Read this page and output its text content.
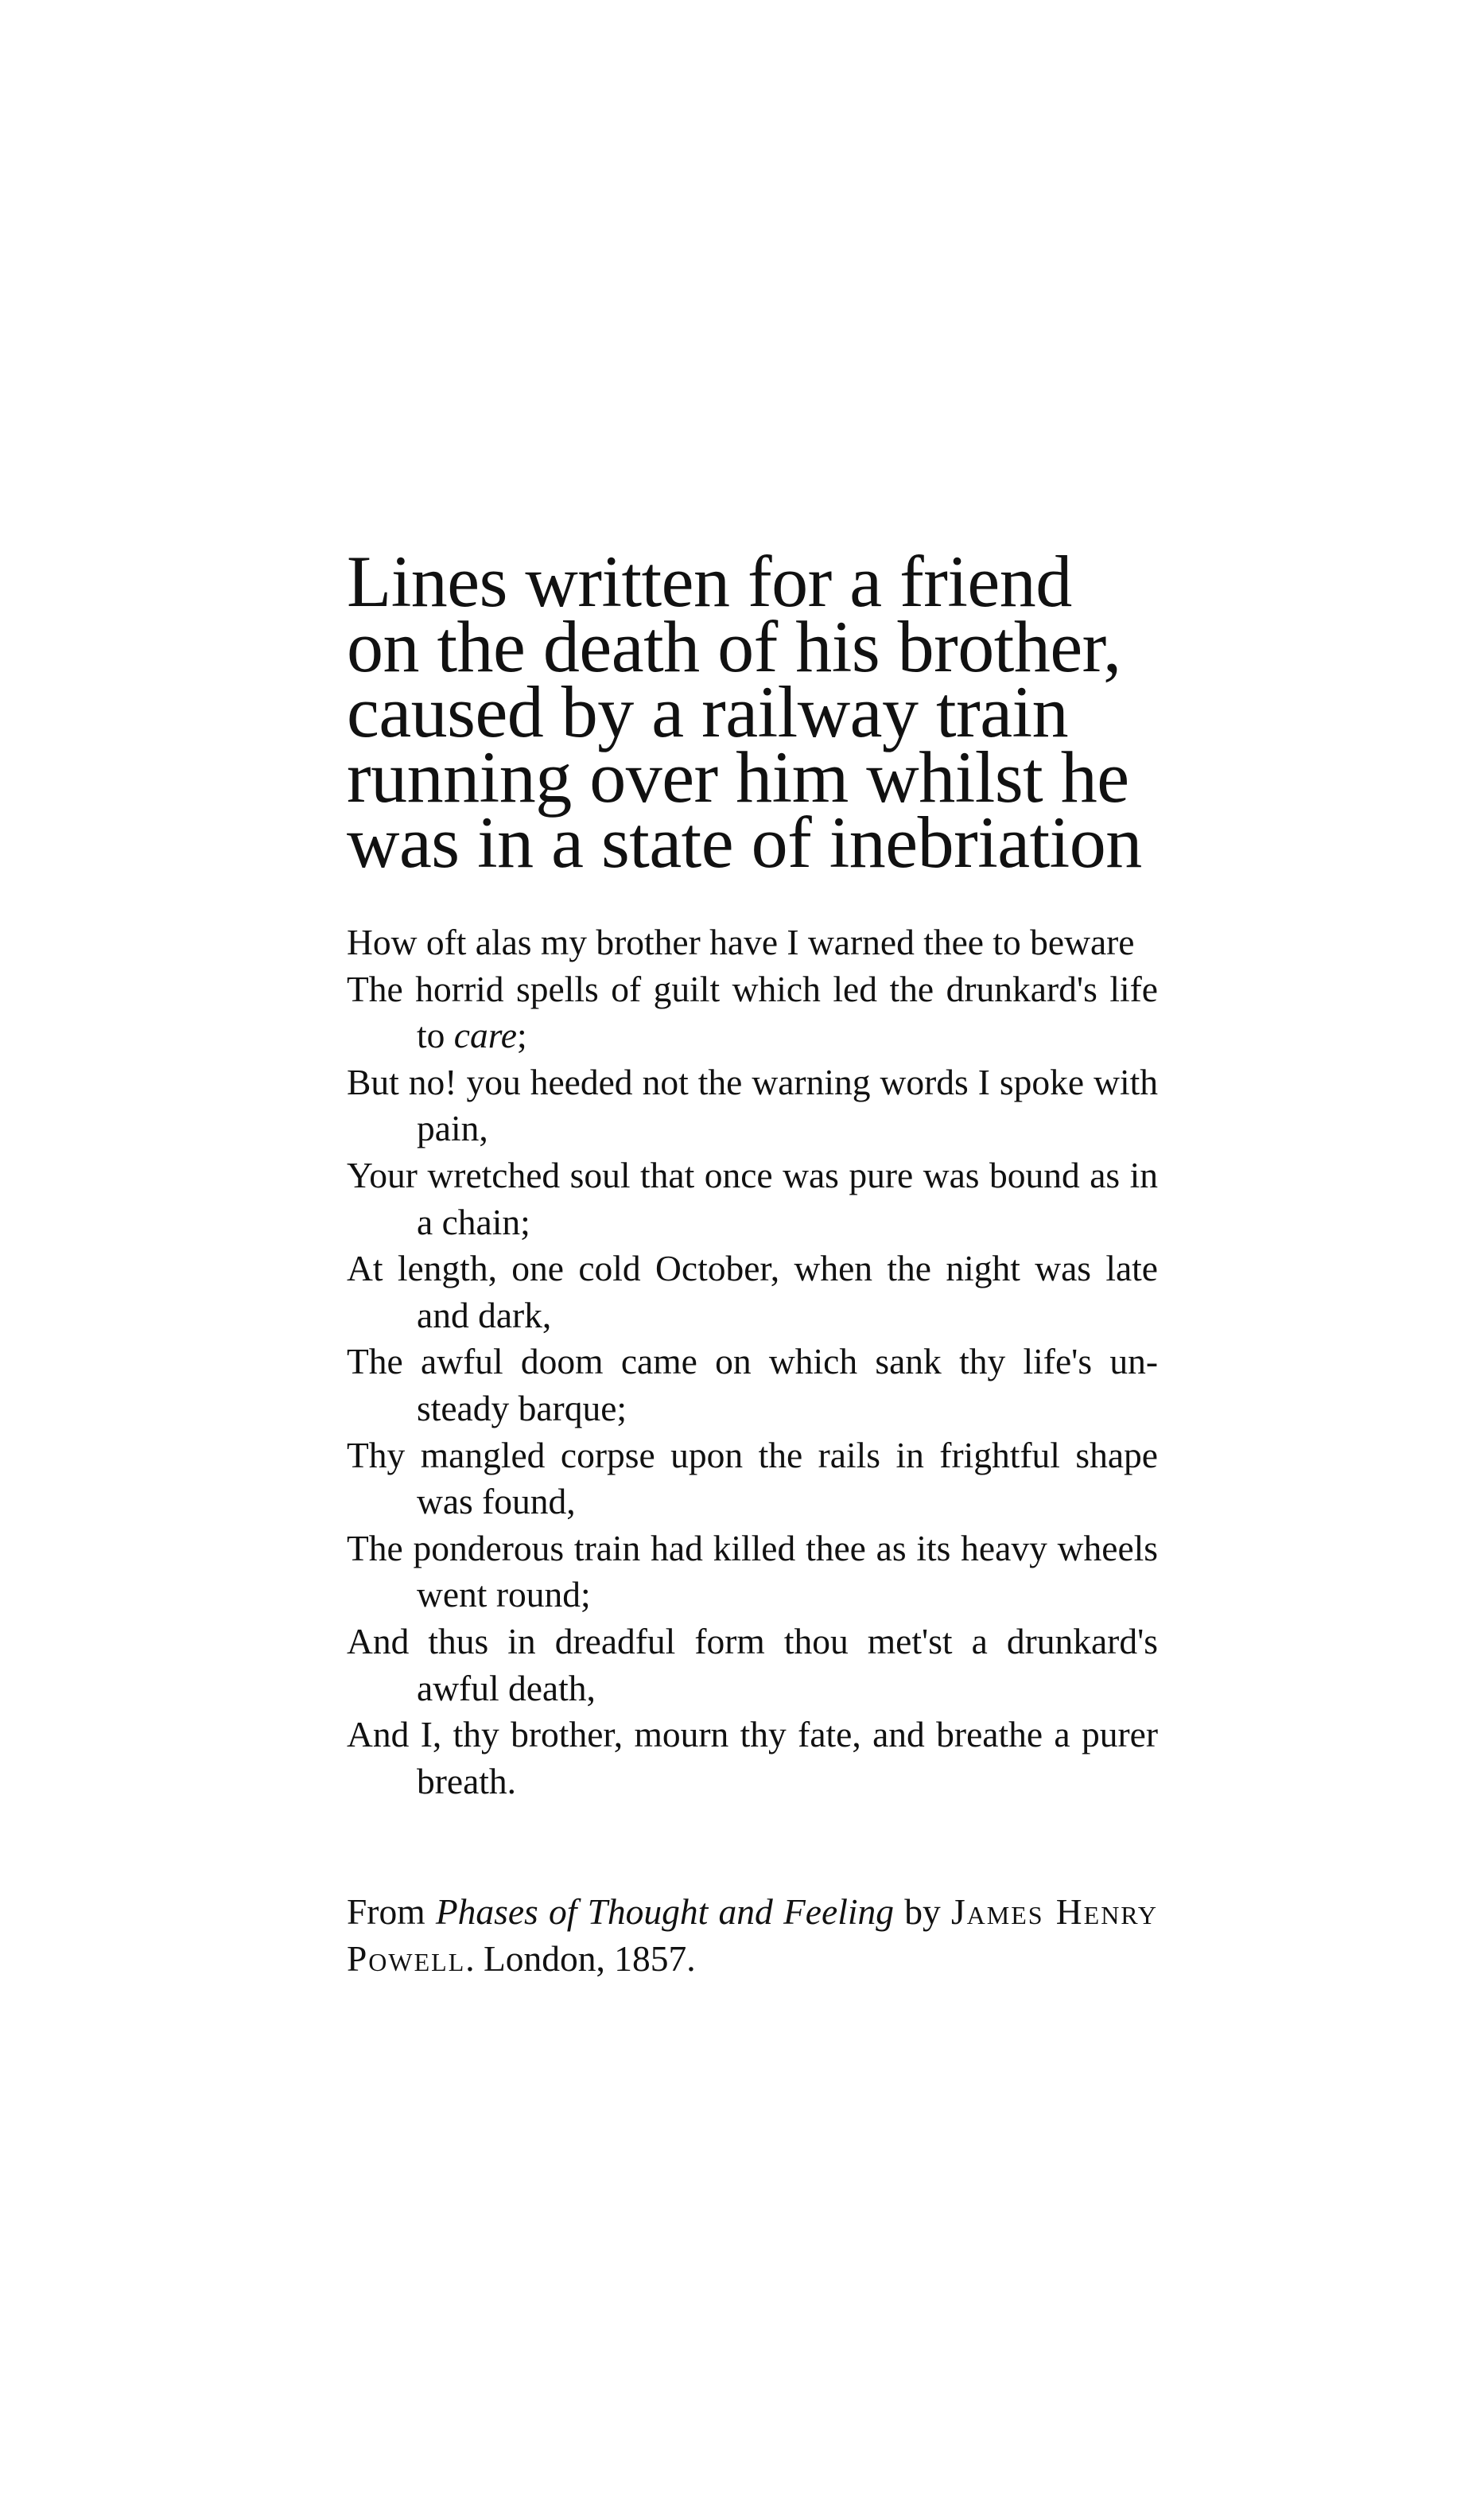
Lines written for a friend
on the death of his brother,
caused by a railway train
running over him whilst he
was in a state of inebriation
How oft alas my brother have I warned thee to beware
The horrid spells of guilt which led the drunkard's life to care;
But no! you heeded not the warning words I spoke with pain,
Your wretched soul that once was pure was bound as in a chain;
At length, one cold October, when the night was late and dark,
The awful doom came on which sank thy life's un-steady barque;
Thy mangled corpse upon the rails in frightful shape was found,
The ponderous train had killed thee as its heavy wheels went round;
And thus in dreadful form thou met'st a drunkard's awful death,
And I, thy brother, mourn thy fate, and breathe a purer breath.

From Phases of Thought and Feeling by James Henry Powell. London, 1857.
